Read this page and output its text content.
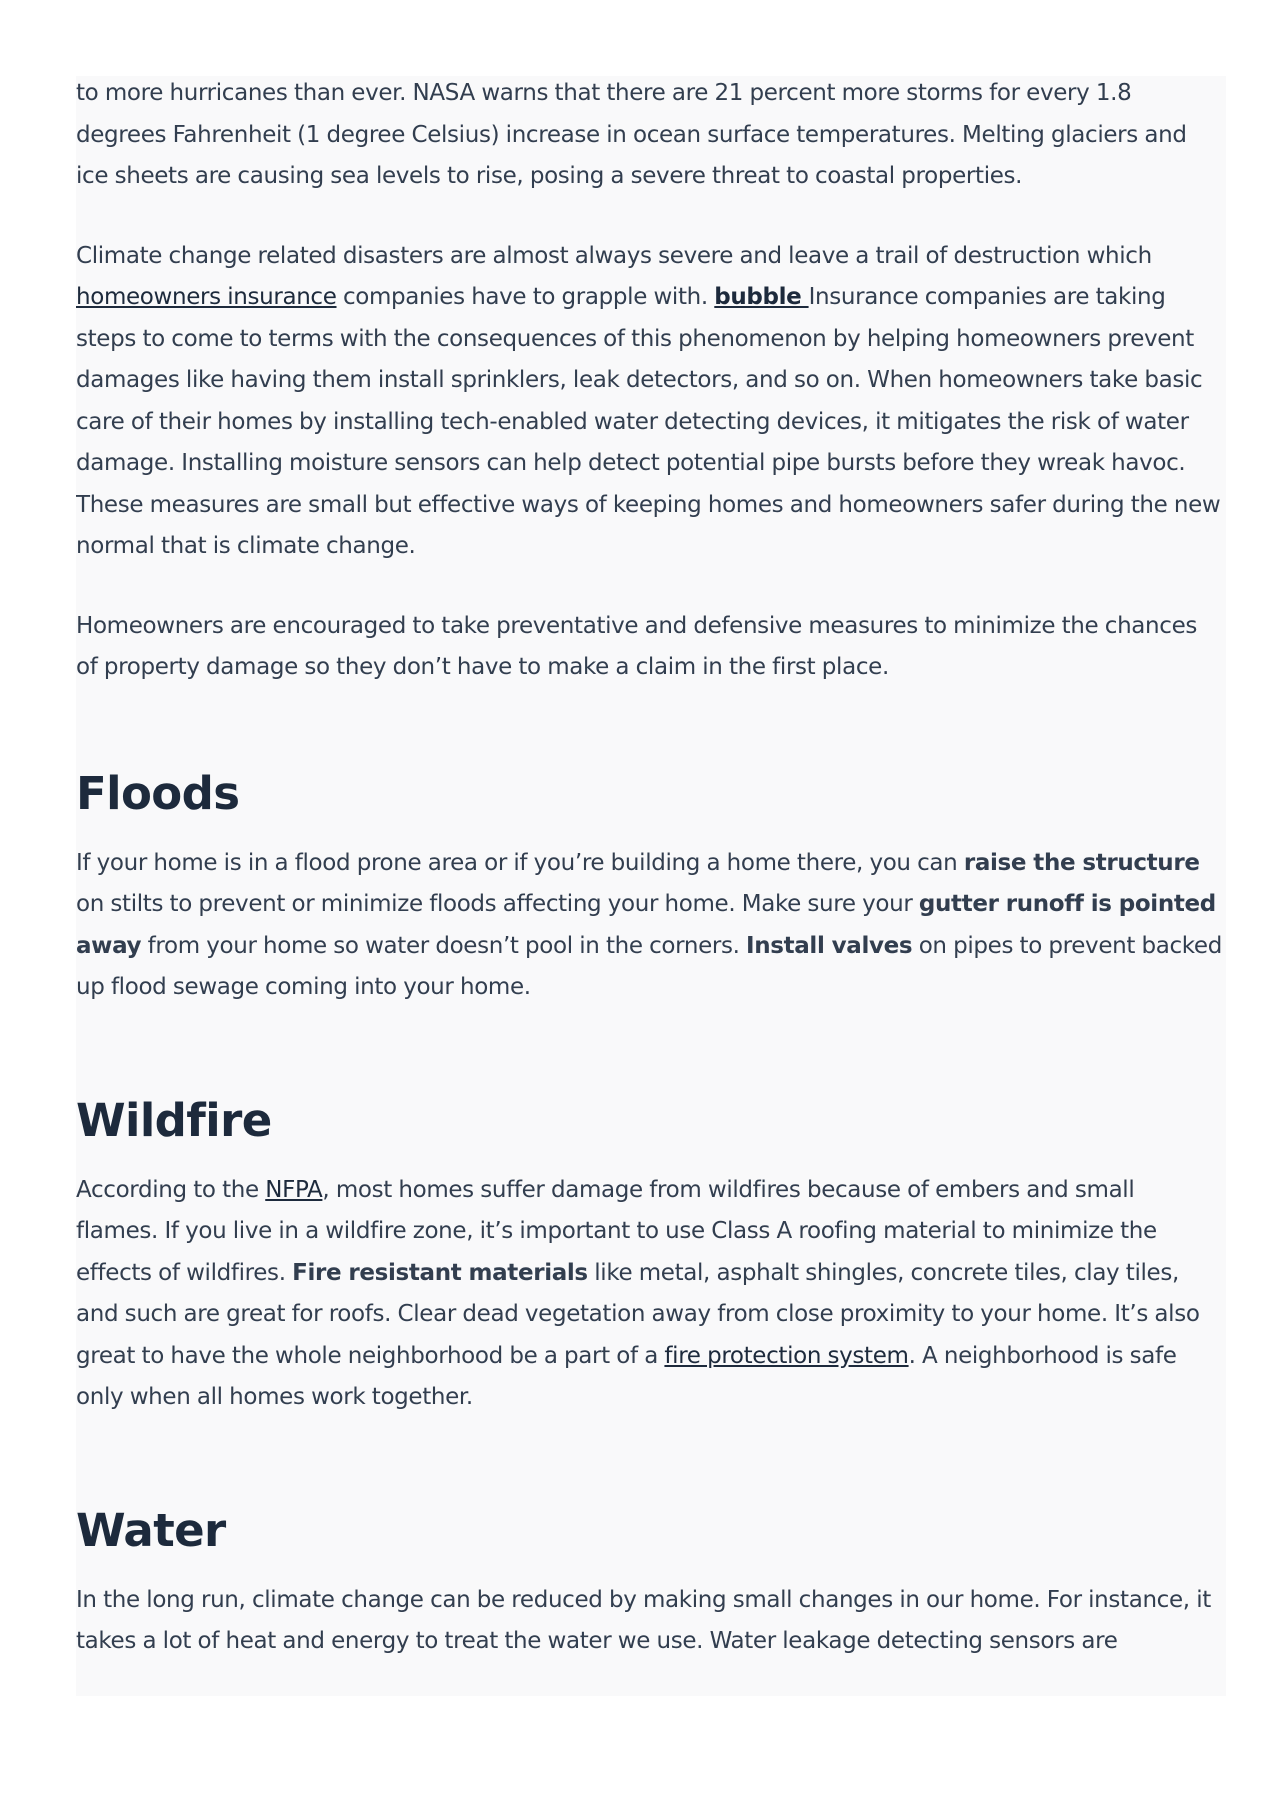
to more hurricanes than ever. NASA warns that there are 21 percent more storms for every 1.8 degrees Fahrenheit (1 degree Celsius) increase in ocean surface temperatures. Melting glaciers and ice sheets are causing sea levels to rise, posing a severe threat to coastal properties.

Climate change related disasters are almost always severe and leave a trail of destruction which homeowners insurance companies have to grapple with. bubble Insurance companies are taking steps to come to terms with the consequences of this phenomenon by helping homeowners prevent damages like having them install sprinklers, leak detectors, and so on. When homeowners take basic care of their homes by installing tech-enabled water detecting devices, it mitigates the risk of water damage. Installing moisture sensors can help detect potential pipe bursts before they wreak havoc. These measures are small but effective ways of keeping homes and homeowners safer during the new normal that is climate change.

Homeowners are encouraged to take preventative and defensive measures to minimize the chances of property damage so they don’t have to make a claim in the first place.

Floods

If your home is in a flood prone area or if you’re building a home there, you can raise the structure on stilts to prevent or minimize floods affecting your home. Make sure your gutter runoff is pointed away from your home so water doesn’t pool in the corners. Install valves on pipes to prevent backed up flood sewage coming into your home.

Wildfire

According to the NFPA, most homes suffer damage from wildfires because of embers and small flames. If you live in a wildfire zone, it’s important to use Class A roofing material to minimize the effects of wildfires. Fire resistant materials like metal, asphalt shingles, concrete tiles, clay tiles, and such are great for roofs. Clear dead vegetation away from close proximity to your home. It’s also great to have the whole neighborhood be a part of a fire protection system. A neighborhood is safe only when all homes work together.

Water

In the long run, climate change can be reduced by making small changes in our home. For instance, it takes a lot of heat and energy to treat the water we use. Water leakage detecting sensors are
